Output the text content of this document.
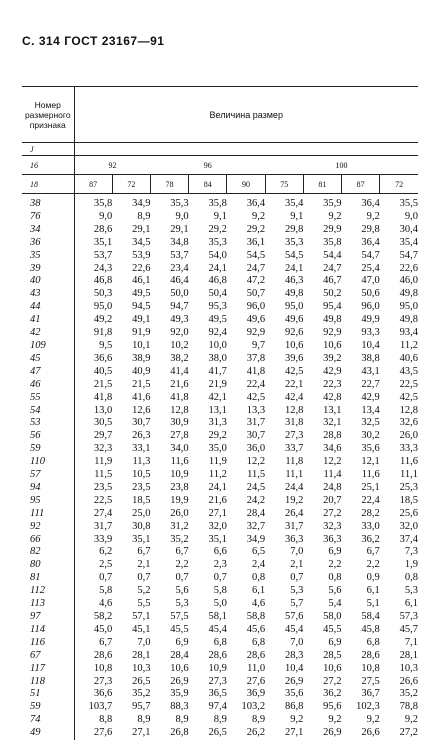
С. 314 ГОСТ 23167—91
Номер размерного признака	Величина размер								
J									
16	92		96			100			
18	87	72	78	84	90	75	81	87	72
38	35,8	34,9	35,3	35,8	36,4	35,4	35,9	36,4	35,5
76	9,0	8,9	9,0	9,1	9,2	9,1	9,2	9,2	9,0
34	28,6	29,1	29,1	29,2	29,2	29,8	29,9	29,8	30,4
36	35,1	34,5	34,8	35,3	36,1	35,3	35,8	36,4	35,4
35	53,7	53,9	53,7	54,0	54,5	54,5	54,4	54,7	54,7
39	24,3	22,6	23,4	24,1	24,7	24,1	24,7	25,4	22,6
40	46,8	46,1	46,4	46,8	47,2	46,3	46,7	47,0	46,0
43	50,3	49,5	50,0	50,4	50,7	49,8	50,2	50,6	49,8
44	95,0	94,5	94,7	95,3	96,0	95,0	95,4	96,0	95,0
41	49,2	49,1	49,3	49,5	49,6	49,6	49,8	49,9	49,8
42	91,8	91,9	92,0	92,4	92,9	92,6	92,9	93,3	93,4
109	9,5	10,1	10,2	10,0	9,7	10,6	10,6	10,4	11,2
45	36,6	38,9	38,2	38,0	37,8	39,6	39,2	38,8	40,6
47	40,5	40,9	41,4	41,7	41,8	42,5	42,9	43,1	43,5
46	21,5	21,5	21,6	21,9	22,4	22,1	22,3	22,7	22,5
55	41,8	41,6	41,8	42,1	42,5	42,4	42,8	42,9	42,5
54	13,0	12,6	12,8	13,1	13,3	12,8	13,1	13,4	12,8
53	30,5	30,7	30,9	31,3	31,7	31,8	32,1	32,5	32,6
56	29,7	26,3	27,8	29,2	30,7	27,3	28,8	30,2	26,0
59	32,3	33,1	34,0	35,0	36,0	33,7	34,6	35,6	33,3
110	11,9	11,3	11,6	11,9	12,2	11,8	12,2	12,1	11,6
57	11,5	10,5	10,9	11,2	11,5	11,1	11,4	11,6	11,1
94	23,5	23,5	23,8	24,1	24,5	24,4	24,8	25,1	25,3
95	22,5	18,5	19,9	21,6	24,2	19,2	20,7	22,4	18,5
111	27,4	25,0	26,0	27,1	28,4	26,4	27,2	28,2	25,6
92	31,7	30,8	31,2	32,0	32,7	31,7	32,3	33,0	32,0
66	33,9	35,1	35,2	35,1	34,9	36,3	36,3	36,2	37,4
82	6,2	6,7	6,7	6,6	6,5	7,0	6,9	6,7	7,3
80	2,5	2,1	2,2	2,3	2,4	2,1	2,2	2,2	1,9
81	0,7	0,7	0,7	0,7	0,8	0,7	0,8	0,9	0,8
112	5,8	5,2	5,6	5,8	6,1	5,3	5,6	6,1	5,3
113	4,6	5,5	5,3	5,0	4,6	5,7	5,4	5,1	6,1
97	58,2	57,1	57,5	58,1	58,8	57,6	58,0	58,4	57,3
114	45,0	45,1	45,5	45,4	45,6	45,4	45,5	45,8	45,7
116	6,7	7,0	6,9	6,8	6,8	7,0	6,9	6,8	7,1
67	28,6	28,1	28,4	28,6	28,6	28,3	28,5	28,6	28,1
117	10,8	10,3	10,6	10,9	11,0	10,4	10,6	10,8	10,3
118	27,3	26,5	26,9	27,3	27,6	26,9	27,2	27,5	26,6
51	36,6	35,2	35,9	36,5	36,9	35,6	36,2	36,7	35,2
59	103,7	95,7	88,3	97,4	103,2	86,8	95,6	102,3	78,8
74	8,8	8,9	8,9	8,9	8,9	9,2	9,2	9,2	9,2
49	27,6	27,1	26,8	26,5	26,2	27,1	26,9	26,6	27,2
